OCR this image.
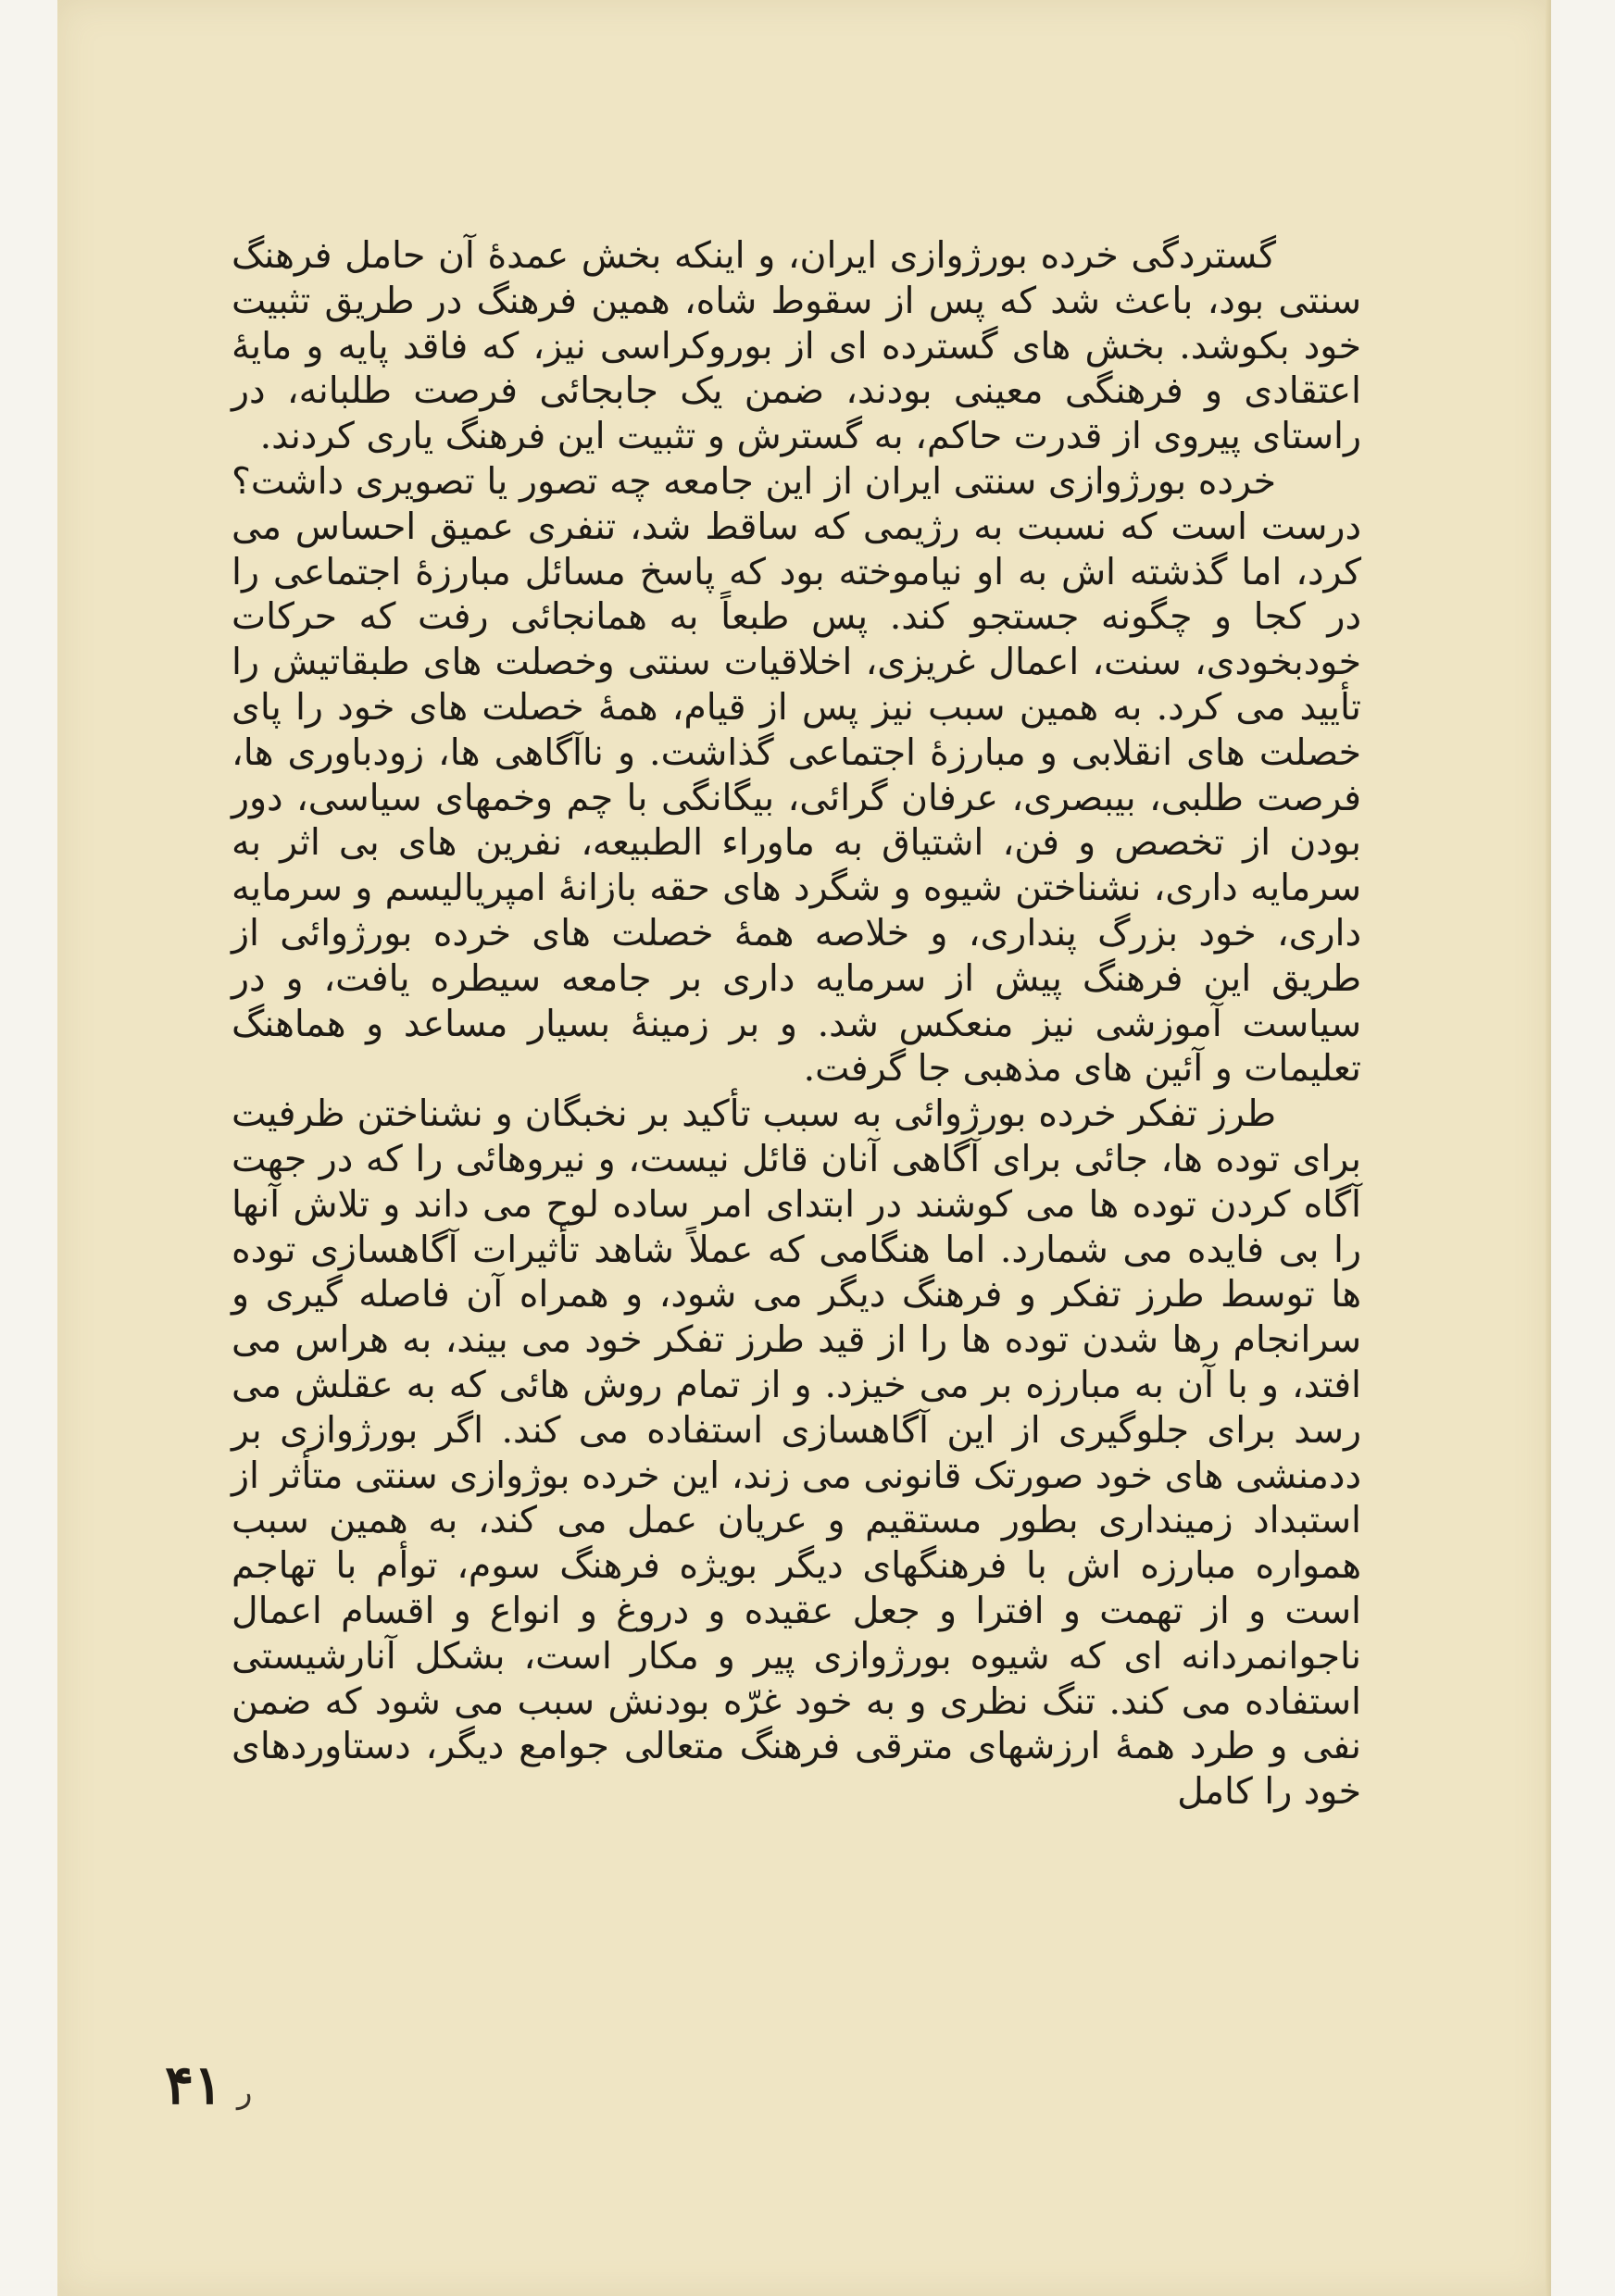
گستردگی خرده بورژوازی ایران، و اینکه بخش عمدهٔ آن حامل فرهنگ سنتی بود، باعث شد که پس از سقوط شاه، همین فرهنگ در طریق تثبیت خود بکوشد. بخش های گسترده ای از بوروکراسی نیز، که فاقد پایه و مایهٔ اعتقادی و فرهنگی معینی بودند، ضمن یک جابجائی فرصت طلبانه، در راستای پیروی از قدرت حاکم، به گسترش و تثبیت این فرهنگ یاری کردند.

خرده بورژوازی سنتی ایران از این جامعه چه تصور یا تصویری داشت؟ درست است که نسبت به رژیمی که ساقط شد، تنفری عمیق احساس می کرد، اما گذشته اش به او نیاموخته بود که پاسخ مسائل مبارزهٔ اجتماعی را در کجا و چگونه جستجو کند. پس طبعاً به همانجائی رفت که حرکات خودبخودی، سنت، اعمال غریزی، اخلاقیات سنتی وخصلت های طبقاتیش را تأیید می کرد. به همین سبب نیز پس از قیام، همهٔ خصلت های خود را پای خصلت های انقلابی و مبارزهٔ اجتماعی گذاشت. و ناآگاهی ها، زودباوری ها، فرصت طلبی، بیبصری، عرفان گرائی، بیگانگی با چم وخمهای سیاسی، دور بودن از تخصص و فن، اشتیاق به ماوراء الطبیعه، نفرین های بی اثر به سرمایه داری، نشناختن شیوه و شگرد های حقه بازانهٔ امپریالیسم و سرمایه داری، خود بزرگ پنداری، و خلاصه همهٔ خصلت های خرده بورژوائی از طریق این فرهنگ پیش از سرمایه داری بر جامعه سیطره یافت، و در سیاست آموزشی نیز منعکس شد. و بر زمینهٔ بسیار مساعد و هماهنگ تعلیمات و آئین های مذهبی جا گرفت.

طرز تفکر خرده بورژوائی به سبب تأکید بر نخبگان و نشناختن ظرفیت برای توده ها، جائی برای آگاهی آنان قائل نیست، و نیروهائی را که در جهت آگاه کردن توده ها می کوشند در ابتدای امر ساده لوح می داند و تلاش آنها را بی فایده می شمارد. اما هنگامی که عملاً شاهد تأثیرات آگاهسازی توده ها توسط طرز تفکر و فرهنگ دیگر می شود، و همراه آن فاصله گیری و سرانجام رها شدن توده ها را از قید طرز تفکر خود می بیند، به هراس می افتد، و با آن به مبارزه بر می خیزد. و از تمام روش هائی که به عقلش می رسد برای جلوگیری از این آگاهسازی استفاده می کند. اگر بورژوازی بر ددمنشی های خود صورتک قانونی می زند، این خرده بوژوازی سنتی متأثر از استبداد زمینداری بطور مستقیم و عریان عمل می کند، به همین سبب همواره مبارزه اش با فرهنگهای دیگر بویژه فرهنگ سوم، توأم با تهاجم است و از تهمت و افترا و جعل عقیده و دروغ و انواع و اقسام اعمال ناجوانمردانه ای که شیوه بورژوازی پیر و مکار است، بشکل آنارشیستی استفاده می کند. تنگ نظری و به خود غرّه بودنش سبب می شود که ضمن نفی و طرد همهٔ ارزشهای مترقی فرهنگ متعالی جوامع دیگر، دستاوردهای خود را کامل

ر
۴۱
